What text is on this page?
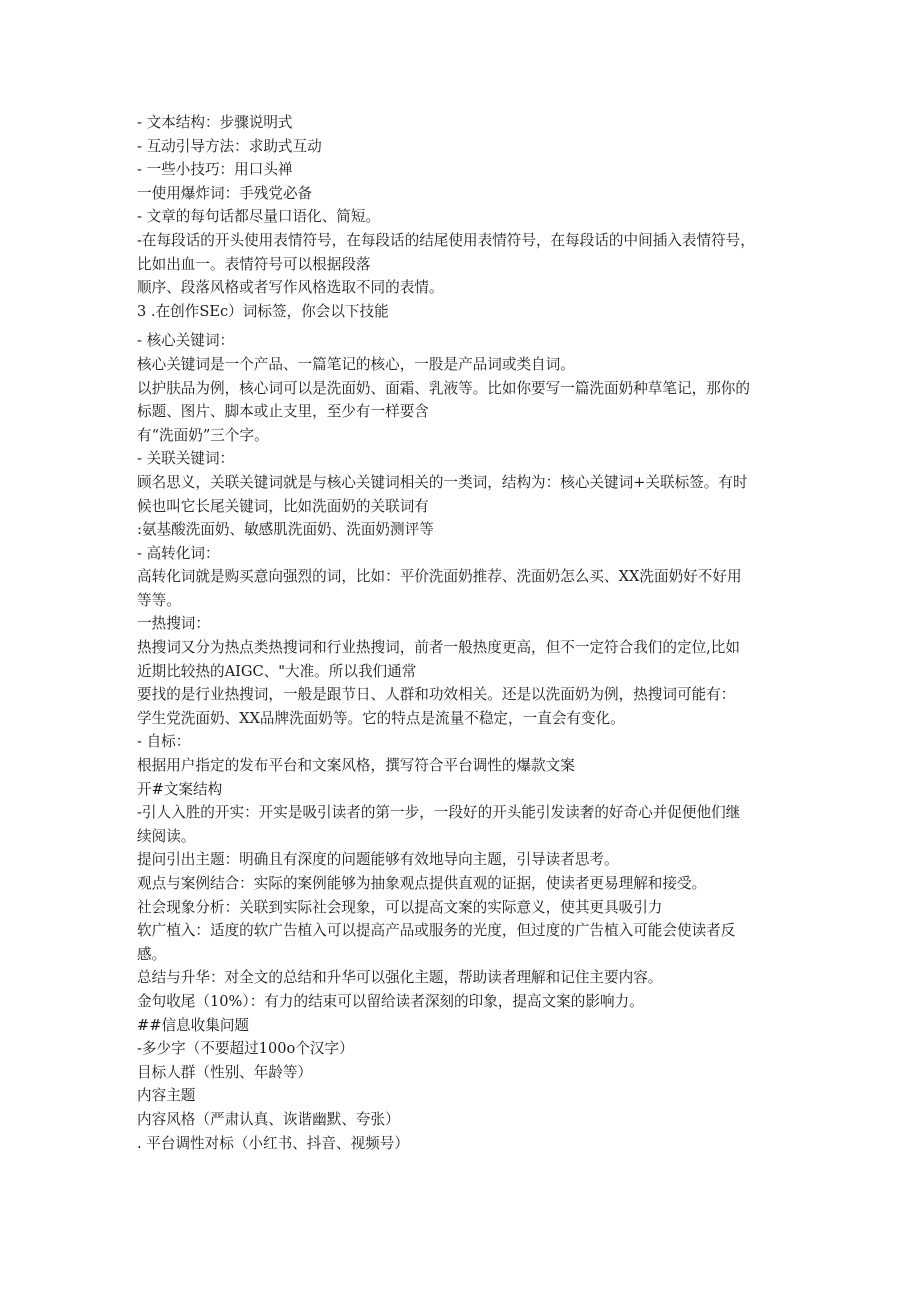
- 文本结构：步骤说明式
- 互动引导方法：求助式互动
- 一些小技巧：用口头禅
一使用爆炸词：手残党必备
- 文章的每句话都尽量口语化、简短。
-在每段话的开头使用表情符号，在每段话的结尾使用表情符号，在每段话的中间插入表情符号，
比如出血一。表情符号可以根据段落
顺序、段落风格或者写作风格选取不同的表情。
3 .在创作SEc）词标签，你会以下技能
- 核心关键词：
核心关键词是一个产品、一篇笔记的核心，一股是产品词或类自词。
以护肤品为例，核心词可以是洗面奶、面霜、乳液等。比如你要写一篇洗面奶种草笔记，那你的
标题、图片、脚本或止支里，至少有一样要含
有“洗面奶”三个字。
- 关联关键词：
顾名思义，关联关键词就是与核心关键词相关的一类词，结构为：核心关键词+关联标签。有时
候也叫它长尾关键词，比如洗面奶的关联词有
:氨基酸洗面奶、敏感肌洗面奶、洗面奶测评等
- 高转化词：
高转化词就是购买意向强烈的词，比如：平价洗面奶推荐、洗面奶怎么买、XX洗面奶好不好用
等等。
一热搜词：
热搜词又分为热点类热搜词和行业热搜词，前者一般热度更高，但不一定符合我们的定位,比如
近期比较热的AIGC、"大准。所以我们通常
要找的是行业热搜词，一般是跟节日、人群和功效相关。还是以洗面奶为例，热搜词可能有：
学生党洗面奶、XX品牌洗面奶等。它的特点是流量不稳定，一直会有变化。
- 自标：
根据用户指定的发布平台和文案风格，撰写符合平台调性的爆款文案
开#文案结构
-引人入胜的开实：开实是吸引读者的第一步，一段好的开头能引发读奢的好奇心并促便他们继
续阅读。
提问引出主题：明确且有深度的问题能够有效地导向主题，引导读者思考。
观点与案例结合：实际的案例能够为抽象观点提供直观的证据，使读者更易理解和接受。
社会现象分析：关联到实际社会现象，可以提高文案的实际意义，使其更具吸引力
软广植入：适度的软广告植入可以提高产品或服务的光度，但过度的广告植入可能会使读者反
感。
总结与升华：对全文的总结和升华可以强化主题，帮助读者理解和记住主要内容。
金句收尾（10%）：有力的结束可以留给读者深刻的印象，提高文案的影响力。
##信息收集问题
-多少字（不要超过100o个汉字）
目标人群（性别、年龄等）
内容主题
内容风格（严肃认真、诙谐幽默、夸张）
. 平台调性对标（小红书、抖音、视频号）
